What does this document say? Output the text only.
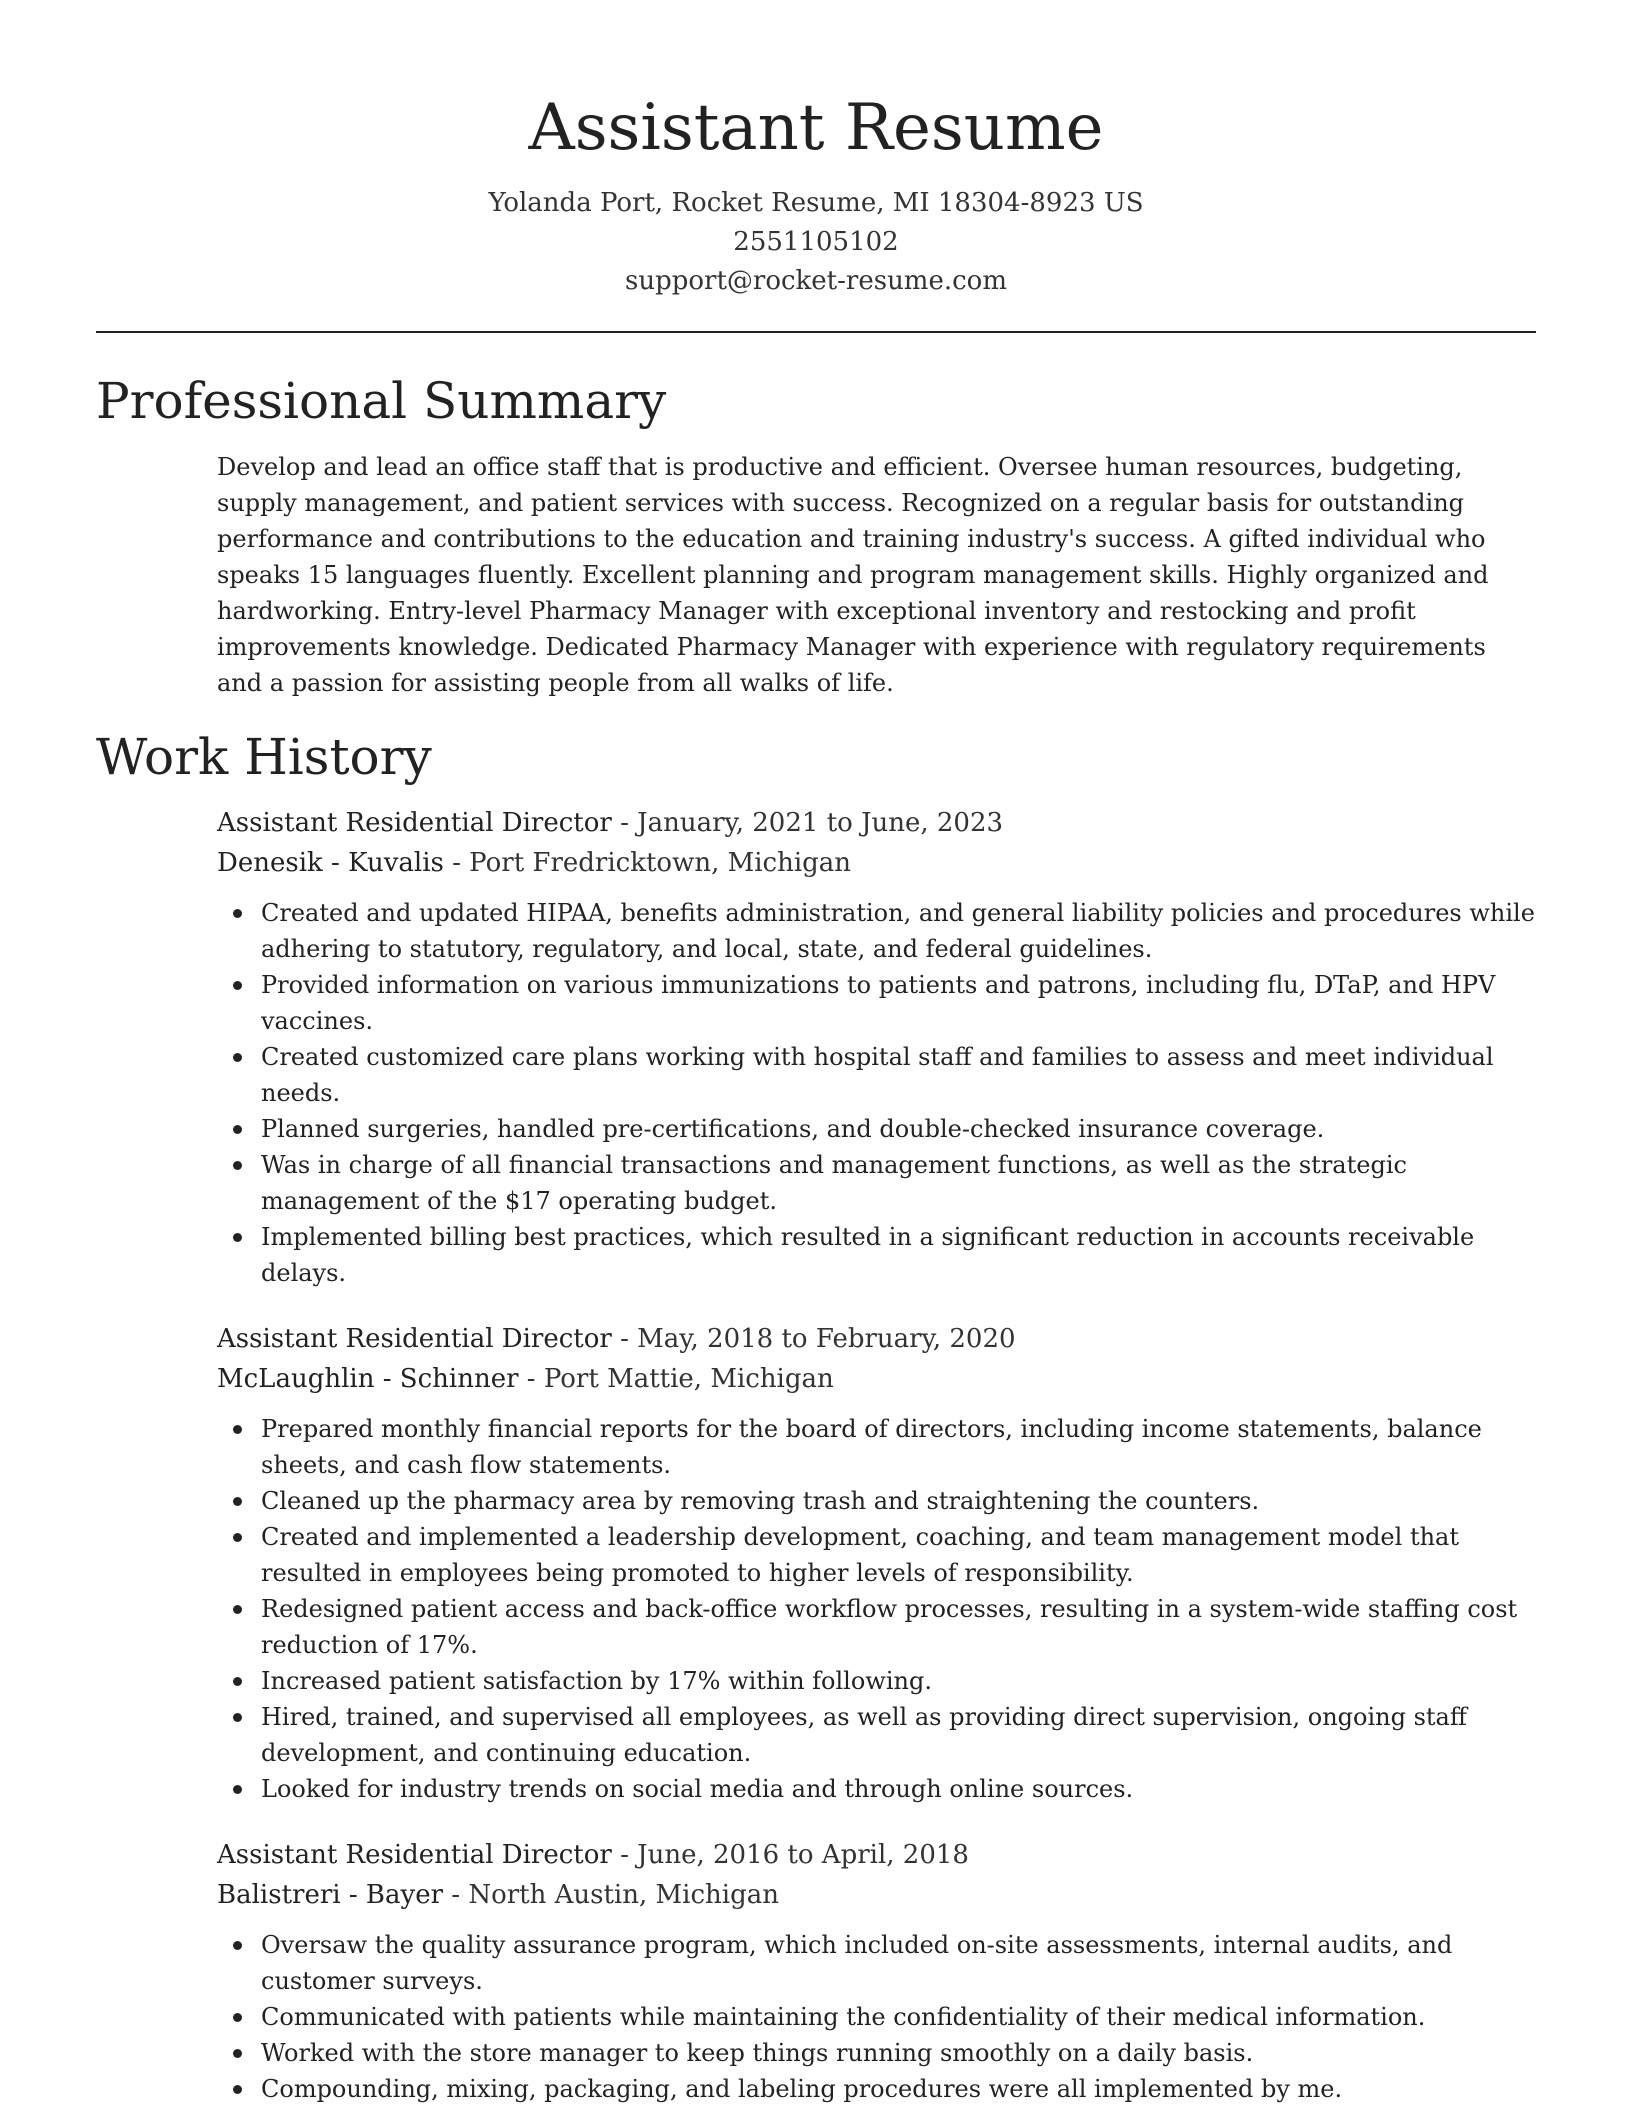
Assistant Resume
Yolanda Port, Rocket Resume, MI 18304-8923 US
2551105102
support@rocket-resume.com
Professional Summary
Develop and lead an office staff that is productive and efficient. Oversee human resources, budgeting, supply management, and patient services with success. Recognized on a regular basis for outstanding performance and contributions to the education and training industry's success. A gifted individual who speaks 15 languages fluently. Excellent planning and program management skills. Highly organized and hardworking. Entry-level Pharmacy Manager with exceptional inventory and restocking and profit improvements knowledge. Dedicated Pharmacy Manager with experience with regulatory requirements and a passion for assisting people from all walks of life.
Work History
Assistant Residential Director - January, 2021 to June, 2023
Denesik - Kuvalis - Port Fredricktown, Michigan
Created and updated HIPAA, benefits administration, and general liability policies and procedures while adhering to statutory, regulatory, and local, state, and federal guidelines.
Provided information on various immunizations to patients and patrons, including flu, DTaP, and HPV vaccines.
Created customized care plans working with hospital staff and families to assess and meet individual needs.
Planned surgeries, handled pre-certifications, and double-checked insurance coverage.
Was in charge of all financial transactions and management functions, as well as the strategic management of the $17 operating budget.
Implemented billing best practices, which resulted in a significant reduction in accounts receivable delays.
Assistant Residential Director - May, 2018 to February, 2020
McLaughlin - Schinner - Port Mattie, Michigan
Prepared monthly financial reports for the board of directors, including income statements, balance sheets, and cash flow statements.
Cleaned up the pharmacy area by removing trash and straightening the counters.
Created and implemented a leadership development, coaching, and team management model that resulted in employees being promoted to higher levels of responsibility.
Redesigned patient access and back-office workflow processes, resulting in a system-wide staffing cost reduction of 17%.
Increased patient satisfaction by 17% within following.
Hired, trained, and supervised all employees, as well as providing direct supervision, ongoing staff development, and continuing education.
Looked for industry trends on social media and through online sources.
Assistant Residential Director - June, 2016 to April, 2018
Balistreri - Bayer - North Austin, Michigan
Oversaw the quality assurance program, which included on-site assessments, internal audits, and customer surveys.
Communicated with patients while maintaining the confidentiality of their medical information.
Worked with the store manager to keep things running smoothly on a daily basis.
Compounding, mixing, packaging, and labeling procedures were all implemented by me.
